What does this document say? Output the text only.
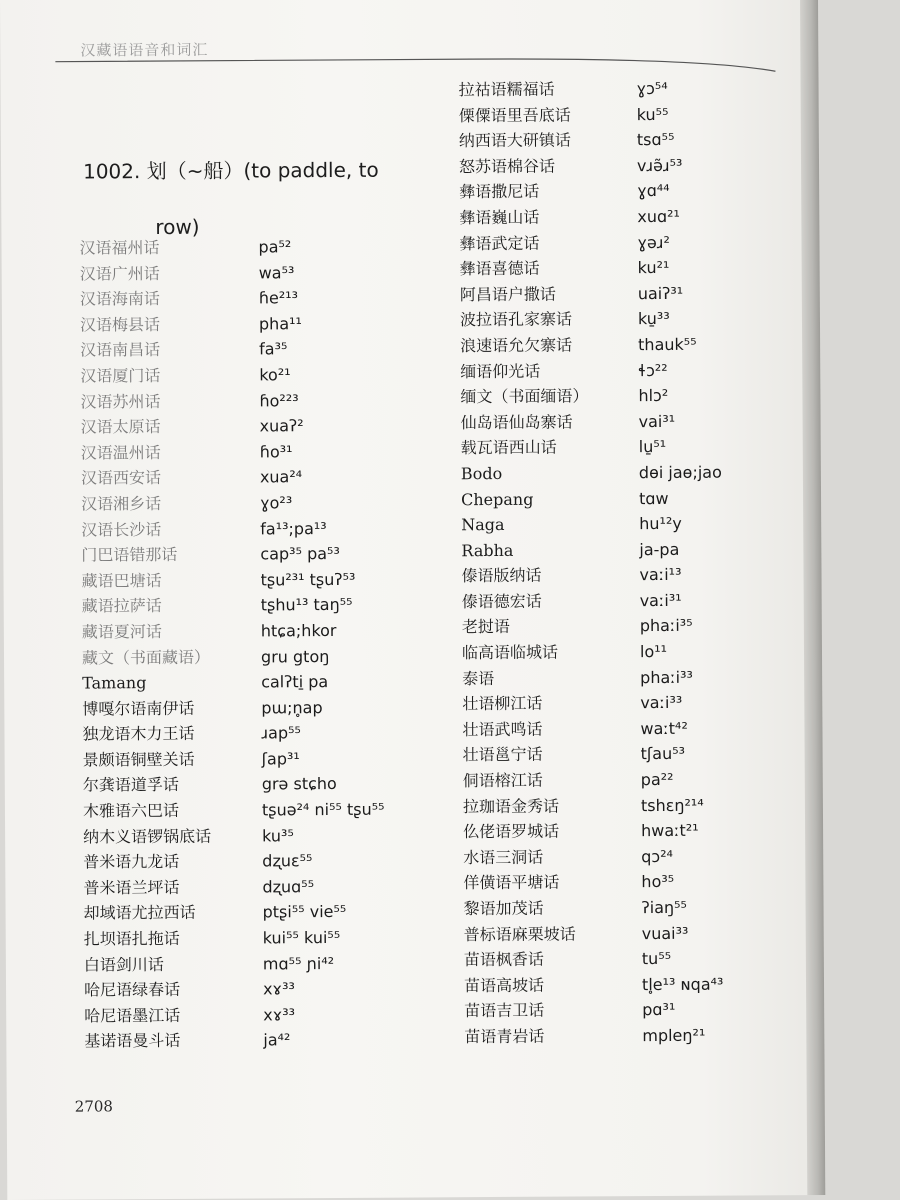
汉藏语语音和词汇
1002. 划（~船）(to paddle, to
row)
汉语福州话	pa⁵²
汉语广州话	wa⁵³
汉语海南话	ɦe²¹³
汉语梅县话	pha¹¹
汉语南昌话	fa³⁵
汉语厦门话	ko²¹
汉语苏州话	ɦo²²³
汉语太原话	xuaʔ²
汉语温州话	ɦo³¹
汉语西安话	xua²⁴
汉语湘乡话	ɣo²³
汉语长沙话	fa¹³;pa¹³
门巴语错那话	cap³⁵ pa⁵³
藏语巴塘话	tʂu²³¹ tʂuʔ⁵³
藏语拉萨话	tʂhu¹³ taŋ⁵⁵
藏语夏河话	htɕa;hkor
藏文（书面藏语）	gru gtoŋ
Tamang	calʔti̱ pa
博嘎尔语南伊话	pɯ;n̥ap
独龙语木力王话	ɹap⁵⁵
景颇语铜壁关话	ʃap³¹
尔龚语道孚话	grə stɕho
木雅语六巴话	tʂuə²⁴ ni⁵⁵ tʂu⁵⁵
纳木义语锣锅底话	ku³⁵
普米语九龙话	dʐuɛ⁵⁵
普米语兰坪话	dʐuɑ⁵⁵
却域语尤拉西话	ptʂi⁵⁵ vie⁵⁵
扎坝语扎拖话	kui⁵⁵ kui⁵⁵
白语剑川话	mɑ⁵⁵ ɲi⁴²
哈尼语绿春话	xɤ³³
哈尼语墨江话	xɤ³³
基诺语曼斗话	ja⁴²
拉祜语糯福话	ɣɔ⁵⁴
傈僳语里吾底话	ku⁵⁵
纳西语大研镇话	tsɑ⁵⁵
怒苏语棉谷话	vɹə̃ɹ⁵³
彝语撒尼话	ɣɑ⁴⁴
彝语巍山话	xuɑ²¹
彝语武定话	ɣəɹ²
彝语喜德话	ku²¹
阿昌语户撒话	uaiʔ³¹
波拉语孔家寨话	ku̱³³
浪速语允欠寨话	thauk⁵⁵
缅语仰光话	ɬɔ²²
缅文（书面缅语）	hlɔ²
仙岛语仙岛寨话	vai³¹
载瓦语西山话	lu̱⁵¹
Bodo	dɵi jaɵ;jao
Chepang	tɑw
Naga	hu¹²y
Rabha	ja-pa
傣语版纳话	vaːi¹³
傣语德宏话	vaːi³¹
老挝语	phaːi³⁵
临高语临城话	lo¹¹
泰语	phaːi³³
壮语柳江话	vaːi³³
壮语武鸣话	waːt⁴²
壮语邕宁话	tʃau⁵³
侗语榕江话	pa²²
拉珈语金秀话	tshɛŋ²¹⁴
仫佬语罗城话	hwaːt²¹
水语三洞话	qɔ²⁴
佯僙语平塘话	ho³⁵
黎语加茂话	ʔiaŋ⁵⁵
普标语麻栗坡话	vuai³³
苗语枫香话	tu⁵⁵
苗语高坡话	tl̥e¹³ ɴqa⁴³
苗语吉卫话	pɑ³¹
苗语青岩话	mpleŋ²¹
2708
